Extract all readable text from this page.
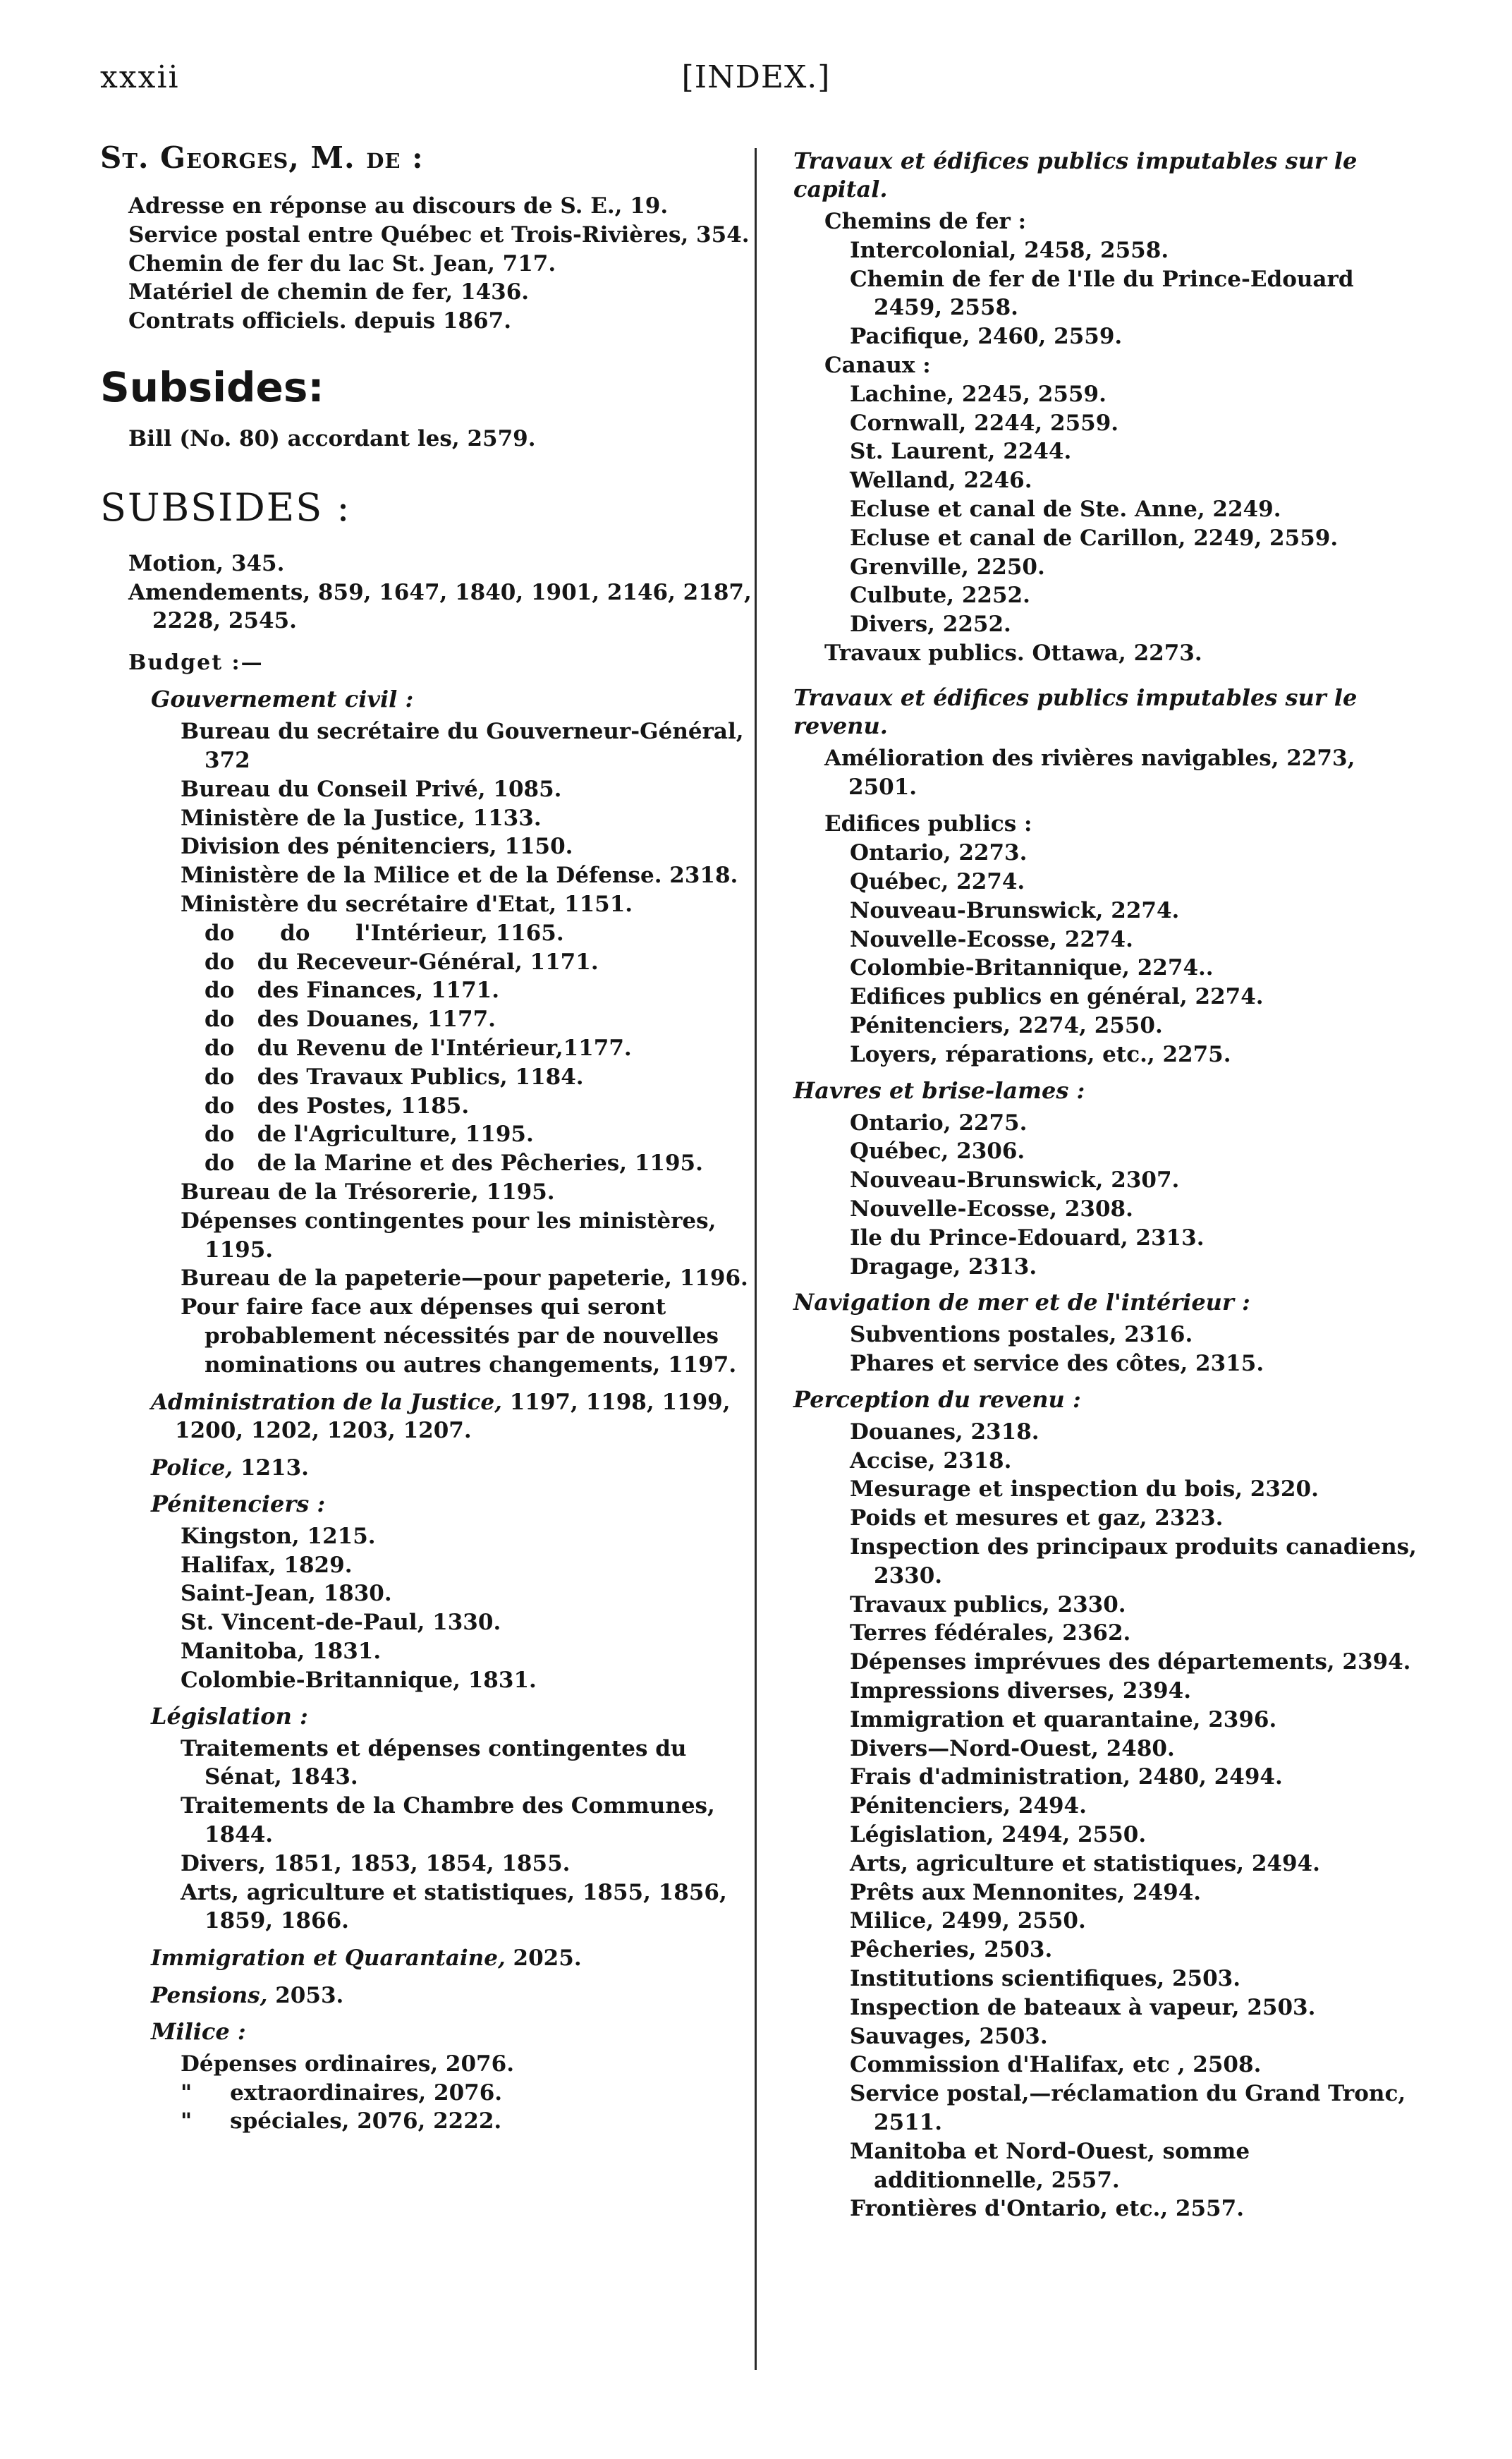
xxxii	[INDEX.]
St. Georges, M. de :

Adresse en réponse au discours de S. E., 19.

Service postal entre Québec et Trois-Rivières, 354.

Chemin de fer du lac St. Jean, 717.

Matériel de chemin de fer, 1436.

Contrats officiels. depuis 1867.

Subsides:

Bill (No. 80) accordant les, 2579.

SUBSIDES :

Motion, 345.

Amendements, 859, 1647, 1840, 1901, 2146, 2187, 2228, 2545.

Budget :—
Gouvernement civil :

Bureau du secrétaire du Gouverneur-Général, 372

Bureau du Conseil Privé, 1085.

Ministère de la Justice, 1133.

Division des pénitenciers, 1150.

Ministère de la Milice et de la Défense. 2318.

Ministère du secrétaire d'Etat, 1151.

do      do      l'Intérieur, 1165.

do   du Receveur-Général, 1171.

do   des Finances, 1171.

do   des Douanes, 1177.

do   du Revenu de l'Intérieur,1177.

do   des Travaux Publics, 1184.

do   des Postes, 1185.

do   de l'Agriculture, 1195.

do   de la Marine et des Pêcheries, 1195.

Bureau de la Trésorerie, 1195.

Dépenses contingentes pour les ministères, 1195.

Bureau de la papeterie—pour papeterie, 1196.

Pour faire face aux dépenses qui seront probablement nécessités par de nouvelles nominations ou autres changements, 1197.

Administration de la Justice, 1197, 1198, 1199, 1200, 1202, 1203, 1207.

Police, 1213.

Pénitenciers :

Kingston, 1215.

Halifax, 1829.

Saint-Jean, 1830.

St. Vincent-de-Paul, 1330.

Manitoba, 1831.

Colombie-Britannique, 1831.

Législation :

Traitements et dépenses contingentes du Sénat, 1843.

Traitements de la Chambre des Communes, 1844.

Divers, 1851, 1853, 1854, 1855.

Arts, agriculture et statistiques, 1855, 1856, 1859, 1866.

Immigration et Quarantaine, 2025.

Pensions, 2053.

Milice :

Dépenses ordinaires, 2076.

"     extraordinaires, 2076.

"     spéciales, 2076, 2222.

Travaux et édifices publics imputables sur le capital.

Chemins de fer :

Intercolonial, 2458, 2558.

Chemin de fer de l'Ile du Prince-Edouard 2459, 2558.

Pacifique, 2460, 2559.

Canaux :

Lachine, 2245, 2559.

Cornwall, 2244, 2559.

St. Laurent, 2244.

Welland, 2246.

Ecluse et canal de Ste. Anne, 2249.

Ecluse et canal de Carillon, 2249, 2559.

Grenville, 2250.

Culbute, 2252.

Divers, 2252.

Travaux publics. Ottawa, 2273.

Travaux et édifices publics imputables sur le revenu.

Amélioration des rivières navigables, 2273, 2501.

Edifices publics :

Ontario, 2273.

Québec, 2274.

Nouveau-Brunswick, 2274.

Nouvelle-Ecosse, 2274.

Colombie-Britannique, 2274..

Edifices publics en général, 2274.

Pénitenciers, 2274, 2550.

Loyers, réparations, etc., 2275.

Havres et brise-lames :

Ontario, 2275.

Québec, 2306.

Nouveau-Brunswick, 2307.

Nouvelle-Ecosse, 2308.

Ile du Prince-Edouard, 2313.

Dragage, 2313.

Navigation de mer et de l'intérieur :

Subventions postales, 2316.

Phares et service des côtes, 2315.

Perception du revenu :

Douanes, 2318.

Accise, 2318.

Mesurage et inspection du bois, 2320.

Poids et mesures et gaz, 2323.

Inspection des principaux produits canadiens, 2330.

Travaux publics, 2330.

Terres fédérales, 2362.

Dépenses imprévues des départements, 2394.

Impressions diverses, 2394.

Immigration et quarantaine, 2396.

Divers—Nord-Ouest, 2480.

Frais d'administration, 2480, 2494.

Pénitenciers, 2494.

Législation, 2494, 2550.

Arts, agriculture et statistiques, 2494.

Prêts aux Mennonites, 2494.

Milice, 2499, 2550.

Pêcheries, 2503.

Institutions scientifiques, 2503.

Inspection de bateaux à vapeur, 2503.

Sauvages, 2503.

Commission d'Halifax, etc , 2508.

Service postal,—réclamation du Grand Tronc, 2511.

Manitoba et Nord-Ouest, somme additionnelle, 2557.

Frontières d'Ontario, etc., 2557.
